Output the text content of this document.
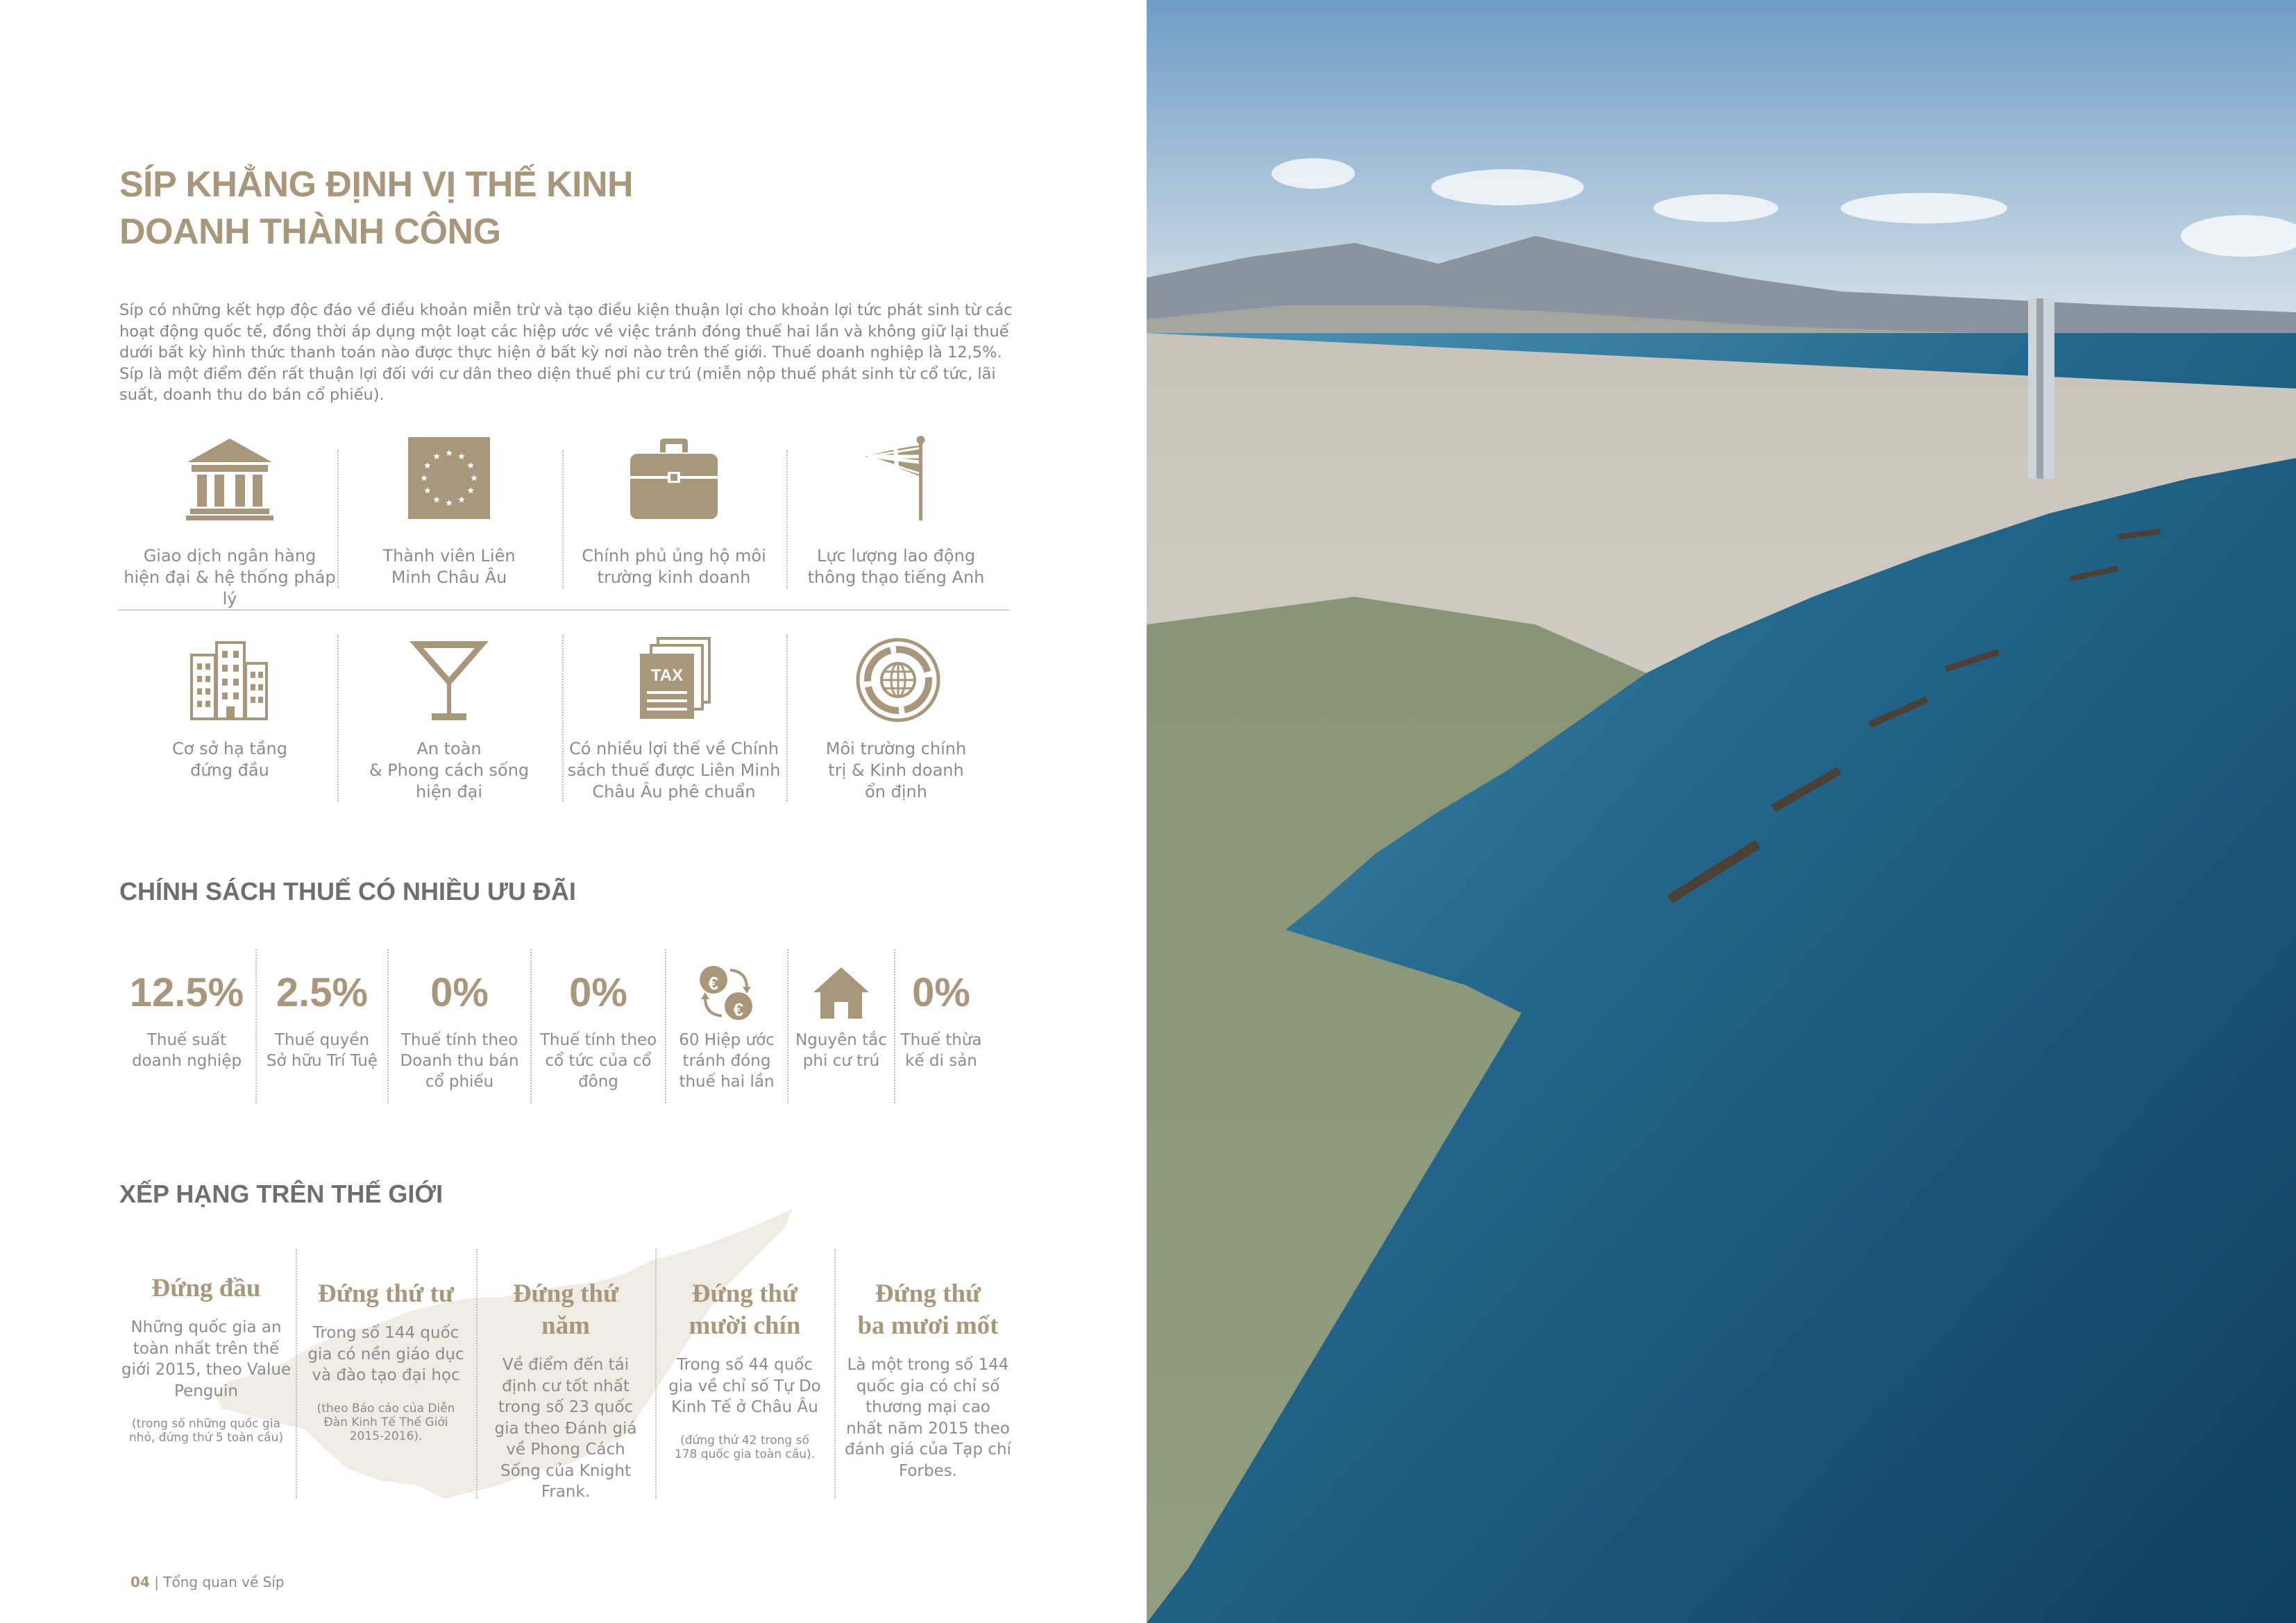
SÍP KHẲNG ĐỊNH VỊ THẾ KINH
DOANH THÀNH CÔNG
Síp có những kết hợp độc đáo về điều khoản miễn trừ và tạo điều kiện thuận lợi cho khoản lợi tức phát sinh từ các hoạt động quốc tế, đồng thời áp dụng một loạt các hiệp ước về việc tránh đóng thuế hai lần và không giữ lại thuế dưới bất kỳ hình thức thanh toán nào được thực hiện ở bất kỳ nơi nào trên thế giới. Thuế doanh nghiệp là 12,5%. Síp là một điểm đến rất thuận lợi đối với cư dân theo diện thuế phi cư trú (miễn nộp thuế phát sinh từ cổ tức, lãi suất, doanh thu do bán cổ phiếu).
Giao dịch ngân hàng
hiện đại & hệ thống pháp lý
Thành viên Liên
Minh Châu Âu
Chính phủ ủng hộ môi
trường kinh doanh
Lực lượng lao động
thông thạo tiếng Anh
TAX
Cơ sở hạ tầng
đứng đầu
An toàn
& Phong cách sống
hiện đại
Có nhiều lợi thế về Chính
sách thuế được Liên Minh
Châu Âu phê chuẩn
Môi trường chính
trị & Kinh doanh
ổn định
CHÍNH SÁCH THUẾ CÓ NHIỀU ƯU ĐÃI
12.5%
Thuế suất
doanh nghiệp
2.5%
Thuế quyền
Sở hữu Trí Tuệ
0%
Thuế tính theo
Doanh thu bán
cổ phiếu
0%
Thuế tính theo
cổ tức của cổ
đông
€
€
60 Hiệp ước
tránh đóng
thuế hai lần
Nguyên tắc
phi cư trú
0%
Thuế thừa
kế di sản
XẾP HẠNG TRÊN THẾ GIỚI
Đứng đầu
Những quốc gia an
toàn nhất trên thế
giới 2015, theo Value
Penguin
(trong số những quốc gia
nhỏ, đứng thứ 5 toàn cầu)
Đứng thứ tư
Trong số 144 quốc
gia có nền giáo dục
và đào tạo đại học
(theo Báo cáo của Diễn
Đàn Kinh Tế Thế Giới
2015-2016).
Đứng thứ
năm
Về điểm đến tái
định cư tốt nhất
trong số 23 quốc
gia theo Đánh giá
về Phong Cách
Sống của Knight
Frank.
Đứng thứ
mười chín
Trong số 44 quốc
gia về chỉ số Tự Do
Kinh Tế ở Châu Âu
(đứng thứ 42 trong số
178 quốc gia toàn cầu).
Đứng thứ
ba mươi mốt
Là một trong số 144
quốc gia có chỉ số
thương mại cao
nhất năm 2015 theo
đánh giá của Tạp chí
Forbes.
04 | Tổng quan về Síp
